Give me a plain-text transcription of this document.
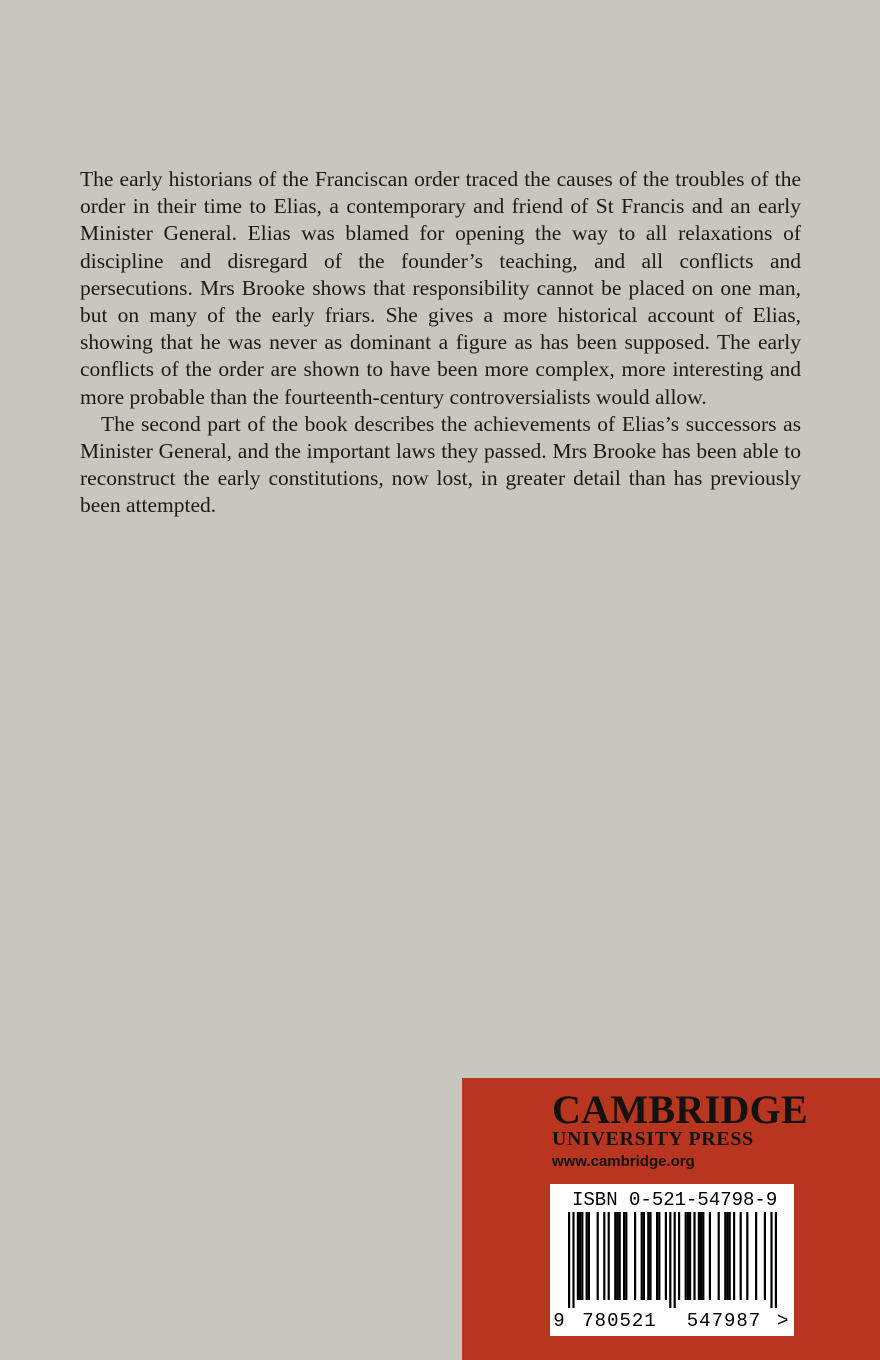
The early historians of the Franciscan order traced the causes of the troubles of the order in their time to Elias, a contemporary and friend of St Francis and an early Minister General. Elias was blamed for opening the way to all relaxations of discipline and disregard of the founder’s teaching, and all conflicts and persecutions. Mrs Brooke shows that responsibility cannot be placed on one man, but on many of the early friars. She gives a more historical account of Elias, showing that he was never as dominant a figure as has been supposed. The early conflicts of the order are shown to have been more complex, more interesting and more probable than the fourteenth-century controversialists would allow.

The second part of the book describes the achievements of Elias’s successors as Minister General, and the important laws they passed. Mrs Brooke has been able to reconstruct the early constitutions, now lost, in greater detail than has previously been attempted.

CAMBRIDGE
UNIVERSITY PRESS
www.cambridge.org
ISBN 0-521-54798-9
9 780521	547987 >
